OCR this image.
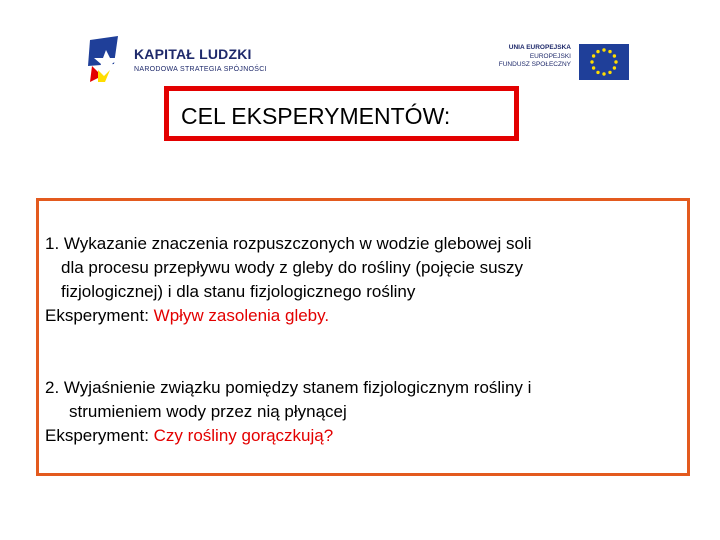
KAPITAŁ LUDZKI
NARODOWA STRATEGIA SPÓJNOŚCI
UNIA EUROPEJSKA
EUROPEJSKI
FUNDUSZ SPOŁECZNY
CEL EKSPERYMENTÓW:
1. Wykazanie znaczenia rozpuszczonych w wodzie glebowej soli
dla procesu przepływu wody z gleby do rośliny (pojęcie suszy
fizjologicznej) i dla stanu fizjologicznego rośliny
Eksperyment: Wpływ zasolenia gleby.
2. Wyjaśnienie związku pomiędzy stanem fizjologicznym rośliny i
strumieniem wody przez nią płynącej
Eksperyment: Czy rośliny gorączkują?
